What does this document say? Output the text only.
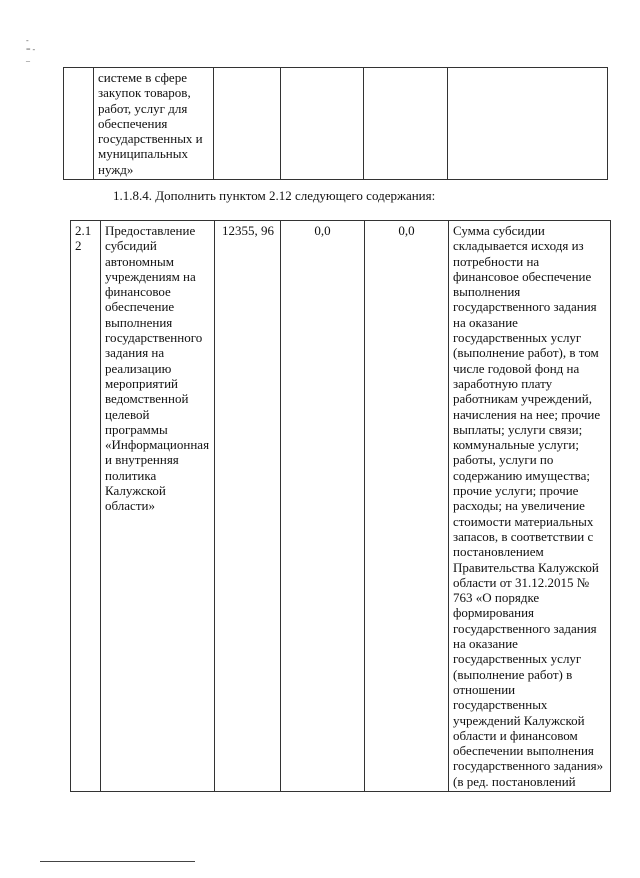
-
= -
_
	системе в сфере закупок товаров, работ, услуг для обеспечения государственных и муниципальных нужд»				
1.1.8.4. Дополнить пунктом 2.12 следующего содержания:
2.12	Предоставление субсидий автономным учреждениям на финансовое обеспечение выполнения государственного задания на реализацию мероприятий ведомственной целевой программы «Информационная и внутренняя политика Калужской области»	12355, 96	0,0	0,0	Сумма субсидии складывается исходя из потребности на финансовое обеспечение выполнения государственного задания на оказание государственных услуг (выполнение работ), в том числе годовой фонд на заработную плату работникам учреждений, начисления на нее; прочие выплаты; услуги связи; коммунальные услуги; работы, услуги по содержанию имущества; прочие услуги; прочие расходы; на увеличение стоимости материальных запасов, в соответствии с постановлением Правительства Калужской области от 31.12.2015 № 763 «О порядке формирования государственного задания на оказание государственных услуг (выполнение работ) в отношении государственных учреждений Калужской области и финансовом обеспечении выполнения государственного задания» (в ред. постановлений
